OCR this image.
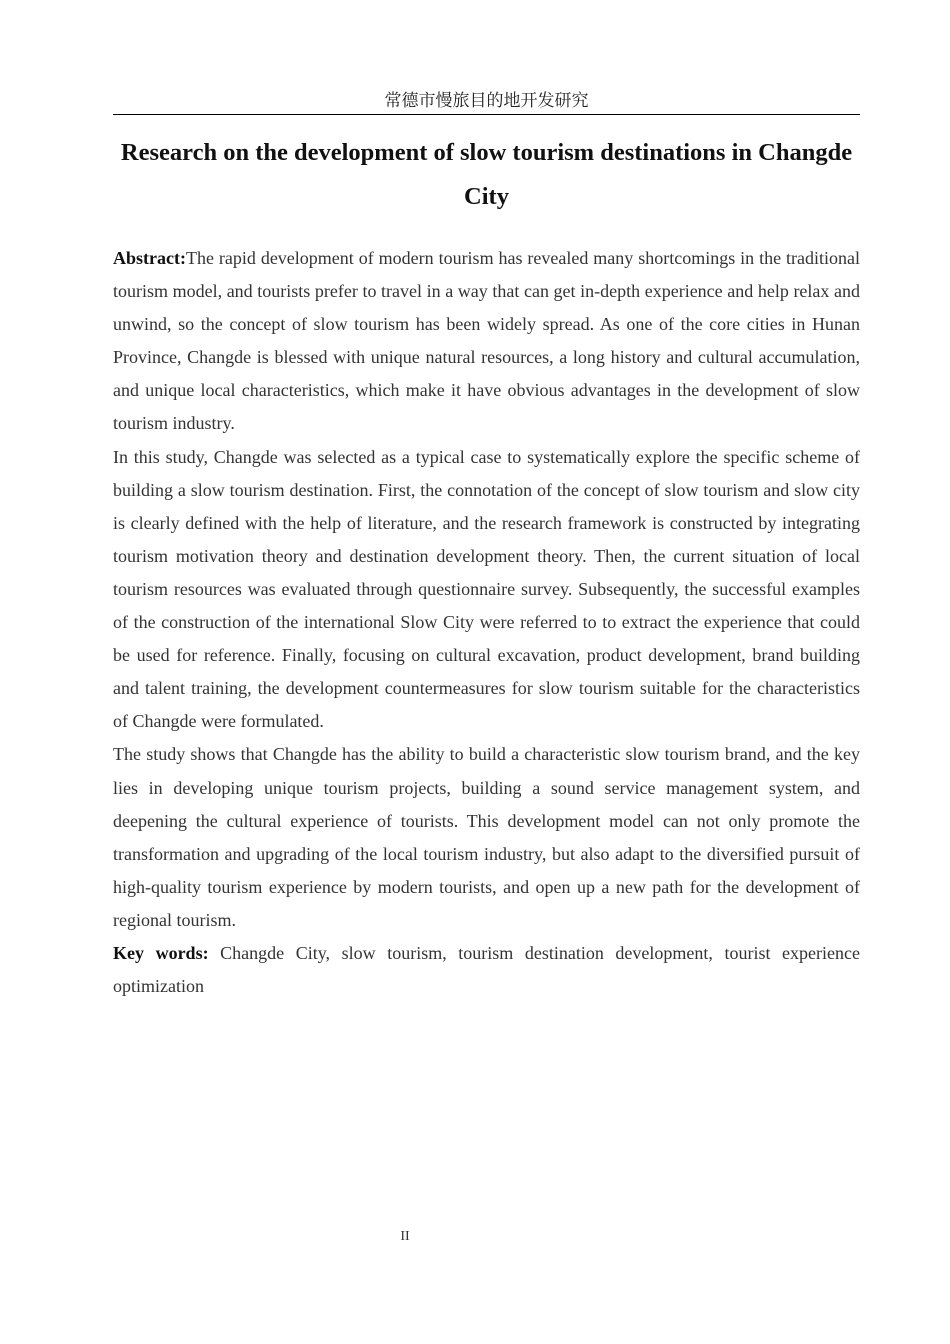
常德市慢旅目的地开发研究
Research on the development of slow tourism destinations in Changde City

Abstract:The rapid development of modern tourism has revealed many shortcomings in the traditional tourism model, and tourists prefer to travel in a way that can get in-depth experience and help relax and unwind, so the concept of slow tourism has been widely spread. As one of the core cities in Hunan Province, Changde is blessed with unique natural resources, a long history and cultural accumulation, and unique local characteristics, which make it have obvious advantages in the development of slow tourism industry.

In this study, Changde was selected as a typical case to systematically explore the specific scheme of building a slow tourism destination. First, the connotation of the concept of slow tourism and slow city is clearly defined with the help of literature, and the research framework is constructed by integrating tourism motivation theory and destination development theory. Then, the current situation of local tourism resources was evaluated through questionnaire survey. Subsequently, the successful examples of the construction of the international Slow City were referred to to extract the experience that could be used for reference. Finally, focusing on cultural excavation, product development, brand building and talent training, the development countermeasures for slow tourism suitable for the characteristics of Changde were formulated.

The study shows that Changde has the ability to build a characteristic slow tourism brand, and the key lies in developing unique tourism projects, building a sound service management system, and deepening the cultural experience of tourists. This development model can not only promote the transformation and upgrading of the local tourism industry, but also adapt to the diversified pursuit of high-quality tourism experience by modern tourists, and open up a new path for the development of regional tourism.

Key words: Changde City, slow tourism, tourism destination development, tourist experience optimization

II
